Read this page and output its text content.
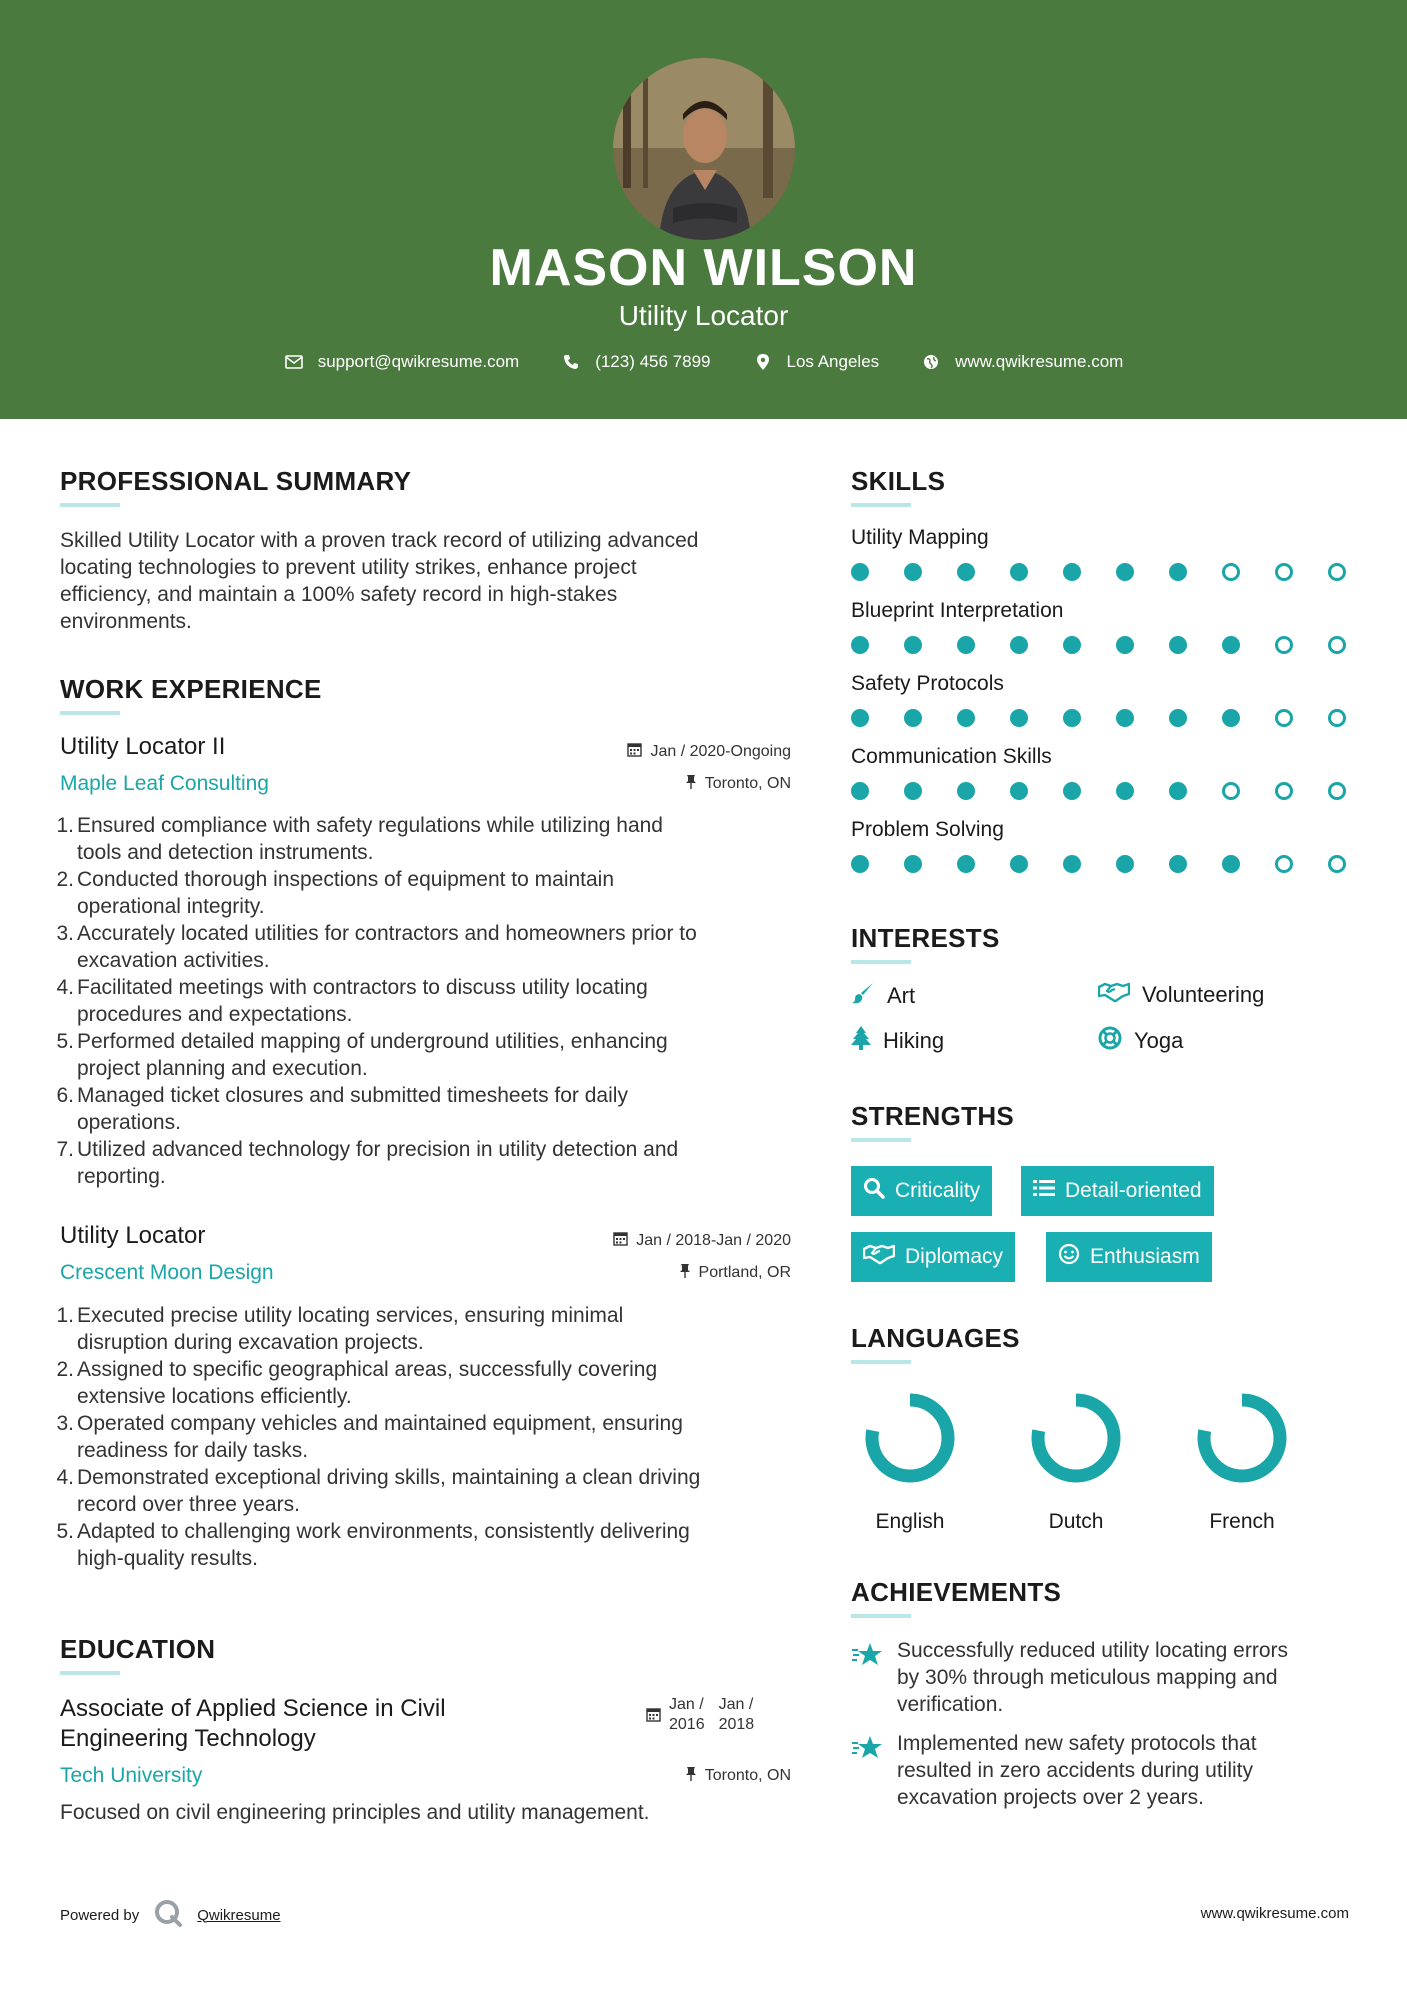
MASON WILSON
Utility Locator
support@qwikresume.com	(123) 456 7899	Los Angeles	www.qwikresume.com
PROFESSIONAL SUMMARY
Skilled Utility Locator with a proven track record of utilizing advanced
locating technologies to prevent utility strikes, enhance project
efficiency, and maintain a 100% safety record in high-stakes
environments.
WORK EXPERIENCE
Utility Locator II
Maple Leaf Consulting
Jan / 2020-Ongoing
Toronto, ON
1. Ensured compliance with safety regulations while utilizing hand
tools and detection instruments.
2. Conducted thorough inspections of equipment to maintain
operational integrity.
3. Accurately located utilities for contractors and homeowners prior to
excavation activities.
4. Facilitated meetings with contractors to discuss utility locating
procedures and expectations.
5. Performed detailed mapping of underground utilities, enhancing
project planning and execution.
6. Managed ticket closures and submitted timesheets for daily
operations.
7. Utilized advanced technology for precision in utility detection and
reporting.
Utility Locator
Crescent Moon Design
Jan / 2018-Jan / 2020
Portland, OR
1. Executed precise utility locating services, ensuring minimal
disruption during excavation projects.
2. Assigned to specific geographical areas, successfully covering
extensive locations efficiently.
3. Operated company vehicles and maintained equipment, ensuring
readiness for daily tasks.
4. Demonstrated exceptional driving skills, maintaining a clean driving
record over three years.
5. Adapted to challenging work environments, consistently delivering
high-quality results.
EDUCATION
Associate of Applied Science in Civil
Engineering Technology
Tech University
Jan /
2016
Jan /
2018
Toronto, ON
Focused on civil engineering principles and utility management.
SKILLS
Utility Mapping
Blueprint Interpretation
Safety Protocols
Communication Skills
Problem Solving
INTERESTS
Art	Volunteering
Hiking	Yoga
STRENGTHS
Criticality	Detail-oriented
Diplomacy	Enthusiasm
LANGUAGES
English	Dutch	French
ACHIEVEMENTS
Successfully reduced utility locating errors
by 30% through meticulous mapping and
verification.
Implemented new safety protocols that
resulted in zero accidents during utility
excavation projects over 2 years.
Powered by	Qwikresume	www.qwikresume.com
